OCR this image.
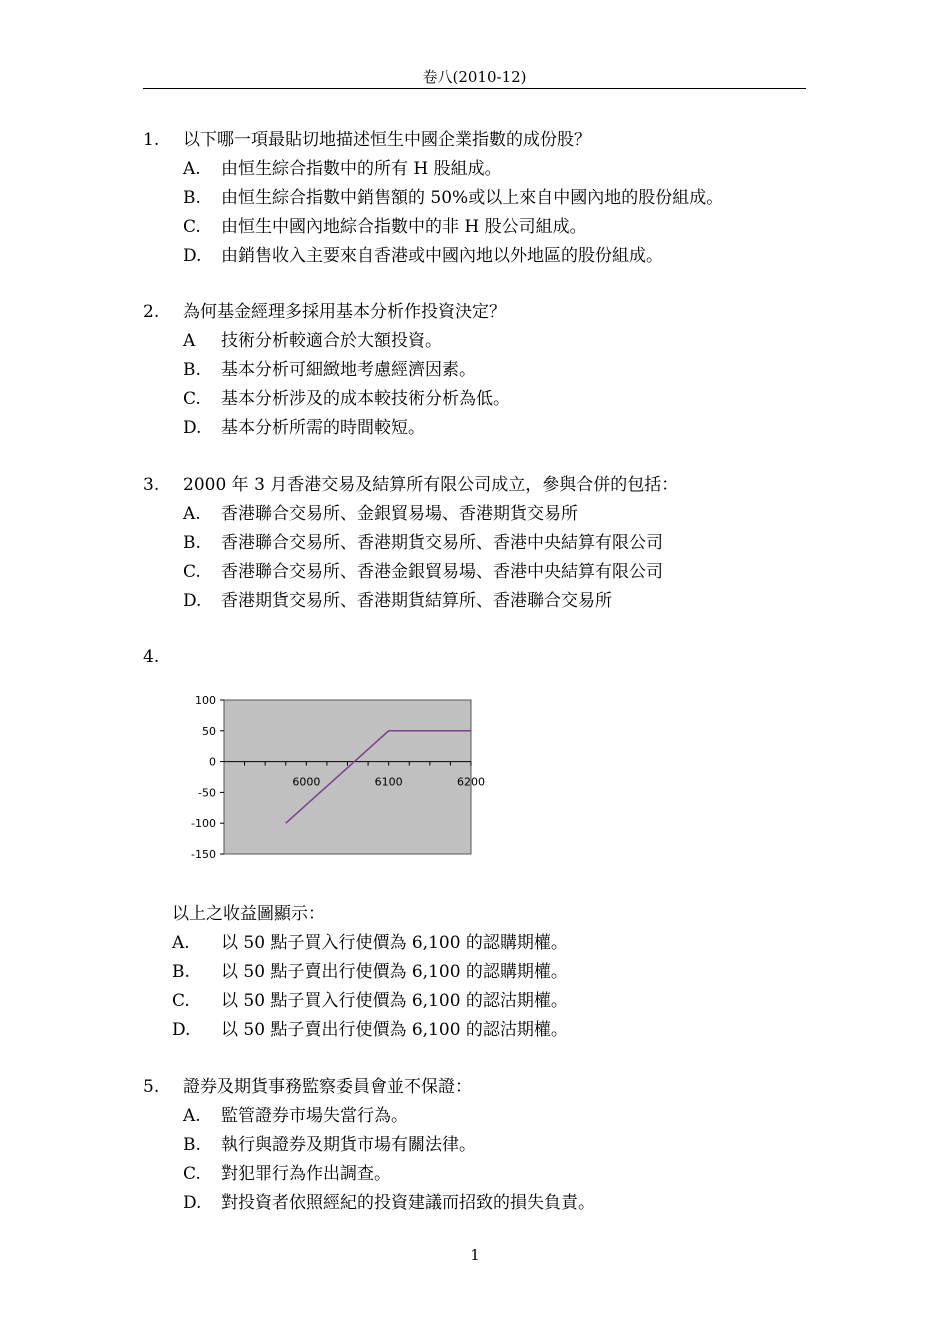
卷八(2010-12)
1.	以下哪一項最貼切地描述恒生中國企業指數的成份股？
A.	由恒生綜合指數中的所有 H 股組成。
B.	由恒生綜合指數中銷售額的 50%或以上來自中國內地的股份組成。
C.	由恒生中國內地綜合指數中的非 H 股公司組成。
D.	由銷售收入主要來自香港或中國內地以外地區的股份組成。
2.	為何基金經理多採用基本分析作投資決定？
A	技術分析較適合於大額投資。
B.	基本分析可細緻地考慮經濟因素。
C.	基本分析涉及的成本較技術分析為低。
D.	基本分析所需的時間較短。
3.	2000 年 3 月香港交易及結算所有限公司成立，參與合併的包括：
A.	香港聯合交易所、金銀貿易場、香港期貨交易所
B.	香港聯合交易所、香港期貨交易所、香港中央結算有限公司
C.	香港聯合交易所、香港金銀貿易場、香港中央結算有限公司
D.	香港期貨交易所、香港期貨結算所、香港聯合交易所
4.
6000	6100	6200
100
50
0
-50
-100
-150
以上之收益圖顯示：
A.	以 50 點子買入行使價為 6,100 的認購期權。
B.	以 50 點子賣出行使價為 6,100 的認購期權。
C.	以 50 點子買入行使價為 6,100 的認沽期權。
D.	以 50 點子賣出行使價為 6,100 的認沽期權。
5.	證券及期貨事務監察委員會並不保證：
A.	監管證券市場失當行為。
B.	執行與證券及期貨市場有關法律。
C.	對犯罪行為作出調查。
D.	對投資者依照經紀的投資建議而招致的損失負責。
1
